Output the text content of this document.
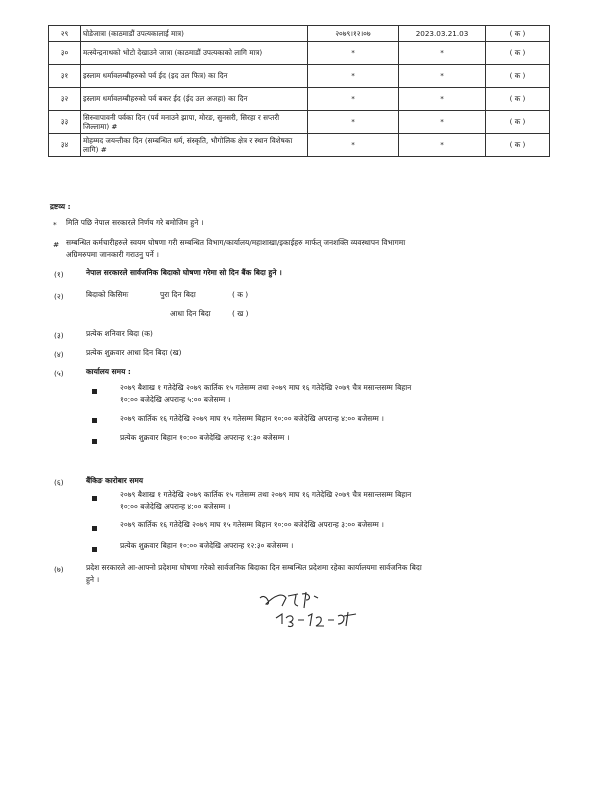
२९	घोडेजात्रा (काठमाडौं उपत्यकालाई मात्र)	२०७९।१२।०७	2023.03.21.03	( क )
३०	मत्स्येन्द्रनाथको भोटो देखाउने जात्रा (काठमाडौं उपत्यकाको लागि मात्र)	*	*	( क )
३१	इस्लाम धर्मावलम्बीहरुको पर्व ईद (इद उल फित्र) का दिन	*	*	( क )
३२	इस्लाम धर्मावलम्बीहरुको पर्व बकर ईद (ईद उल अजहा) का दिन	*	*	( क )
३३	सिरुवापावनी पर्वका दिन (पर्व मनाउने झापा, मोरङ, सुनसरी, सिरहा र सप्तरी जिल्लामा) #	*	*	( क )
३४	मोहम्मद जयन्तीका दिन (सम्बन्धित धर्म, संस्कृति, भौगोलिक क्षेत्र र स्थान विशेषका लागि) #	*	*	( क )
द्रष्टव्य :
* मिति पछि नेपाल सरकारले निर्णय गरे बमोजिम हुने ।
# सम्बन्धित कर्मचारीहरुले स्वयम घोषणा गरी सम्बन्धित विभाग/कार्यालय/महाशाखा/इकाईहरु मार्फत् जनशक्ति व्यवस्थापन विभागमा
अग्रिमरुपमा जानकारी गराउनु पर्ने ।
(१)	नेपाल सरकारले सार्वजनिक बिदाको घोषणा गरेमा सो दिन बैंक बिदा हुने ।
(२)	बिदाको किसिमः	पुरा दिन बिदा	( क )
आधा दिन बिदा	( ख )
(३)	प्रत्येक शनिवार बिदा (क)
(४)	प्रत्येक शुक्रवार आधा दिन बिदा (ख)
(५)	कार्यालय समय :
२०७९ बैशाख १ गतेदेखि २०७९ कार्तिक १५ गतेसम्म तथा २०७९ माघ १६ गतेदेखि २०७९ चैत्र मसान्तसम्म बिहान
१०:०० बजेदेखि अपरान्ह ५:०० बजेसम्म ।
२०७९ कार्तिक १६ गतेदेखि २०७९ माघ १५ गतेसम्म बिहान १०:०० बजेदेखि अपरान्ह ४:०० बजेसम्म ।
प्रत्येक शुक्रवार बिहान १०:०० बजेदेखि अपरान्ह १:३० बजेसम्म ।
(६)	बैंकिङ कारोबार समय
२०७९ बैशाख १ गतेदेखि २०७९ कार्तिक १५ गतेसम्म तथा २०७९ माघ १६ गतेदेखि २०७९ चैत्र मसान्तसम्म बिहान
१०:०० बजेदेखि अपरान्ह ४:०० बजेसम्म ।
२०७९ कार्तिक १६ गतेदेखि २०७९ माघ १५ गतेसम्म बिहान १०:०० बजेदेखि अपरान्ह ३:०० बजेसम्म ।
प्रत्येक शुक्रवार बिहान १०:०० बजेदेखि अपरान्ह १२:३० बजेसम्म ।
(७)	प्रदेश सरकारले आ-आफ्नो प्रदेशमा घोषणा गरेको सार्वजनिक बिदाका दिन सम्बन्धित प्रदेशमा रहेका कार्यालयमा सार्वजनिक बिदा
हुने ।
